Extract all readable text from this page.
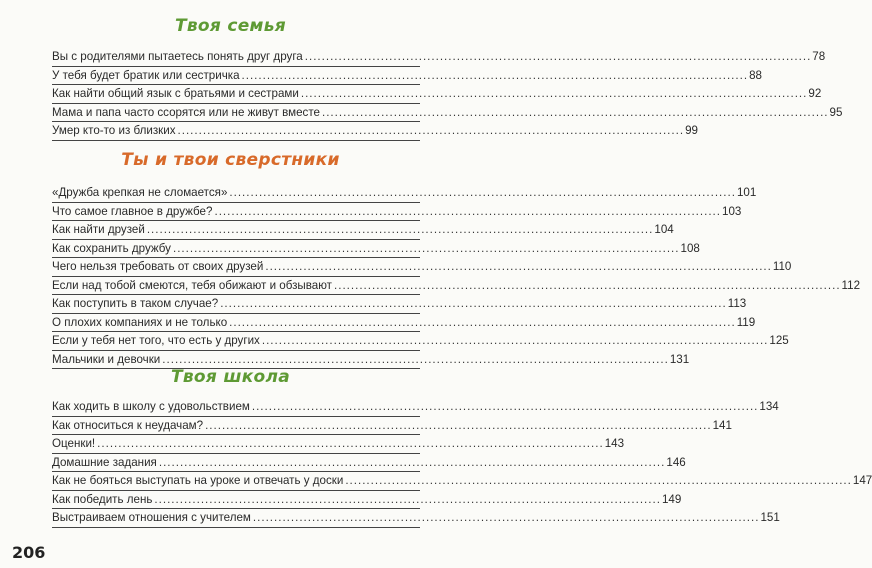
Твоя семья
Вы с родителями пытаетесь понять друг друга ........................................................................................................................ 78
У тебя будет братик или сестричка ........................................................................................................................ 88
Как найти общий язык с братьями и сестрами ........................................................................................................................ 92
Мама и папа часто ссорятся или не живут вместе ........................................................................................................................ 95
Умер кто-то из близких ........................................................................................................................ 99
Ты и твои сверстники
«Дружба крепкая не сломается» ........................................................................................................................ 101
Что самое главное в дружбе? ........................................................................................................................ 103
Как найти друзей ........................................................................................................................ 104
Как сохранить дружбу ........................................................................................................................ 108
Чего нельзя требовать от своих друзей ........................................................................................................................ 110
Если над тобой смеются, тебя обижают и обзывают ........................................................................................................................ 112
Как поступить в таком случае? ........................................................................................................................ 113
О плохих компаниях и не только ........................................................................................................................ 119
Если у тебя нет того, что есть у других ........................................................................................................................ 125
Мальчики и девочки ........................................................................................................................ 131
Твоя школа
Как ходить в школу с удовольствием ........................................................................................................................ 134
Как относиться к неудачам? ........................................................................................................................ 141
Оценки! ........................................................................................................................ 143
Домашние задания ........................................................................................................................ 146
Как не бояться выступать на уроке и отвечать у доски ........................................................................................................................ 147
Как победить лень ........................................................................................................................ 149
Выстраиваем отношения с учителем ........................................................................................................................ 151
206
